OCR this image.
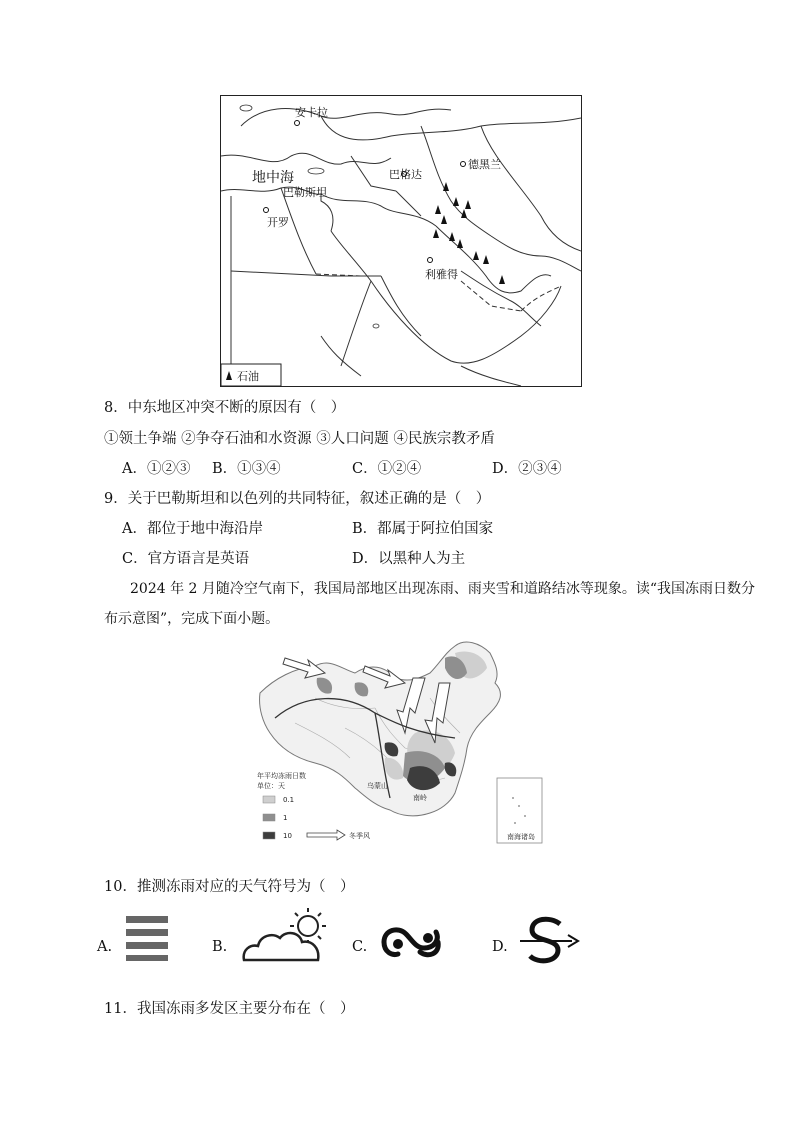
安卡拉
德黑兰
地中海	巴格达
巴勒斯坦
开罗
利雅得
石油
8．中东地区冲突不断的原因有（　）
①领土争端 ②争夺石油和水资源 ③人口问题 ④民族宗教矛盾
A．①②③ B．①③④	C．①②④	D．②③④
9．关于巴勒斯坦和以色列的共同特征，叙述正确的是（　）
A．都位于地中海沿岸	B．都属于阿拉伯国家
C．官方语言是英语	D．以黑种人为主
2024 年 2 月随冷空气南下，我国局部地区出现冻雨、雨夹雪和道路结冰等现象。读“我国冻雨日数分
布示意图”，完成下面小题。
乌蒙山
南岭
南海诸岛
年平均冻雨日数
单位：天
0.1
1
10	冬季风
10．推测冻雨对应的天气符号为（　）
A.	B.	C.	D.
11．我国冻雨多发区主要分布在（　）
